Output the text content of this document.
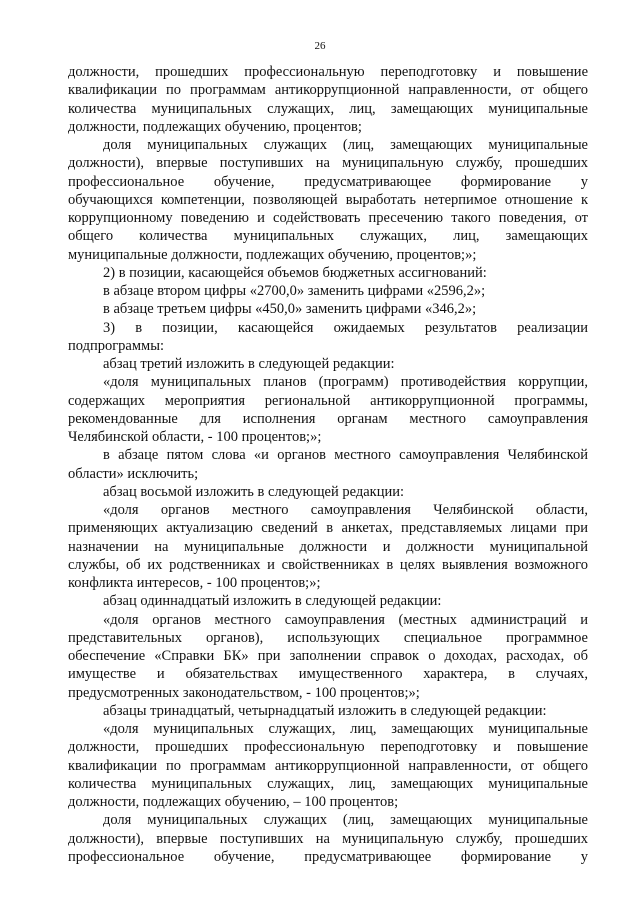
26
должности, прошедших профессиональную переподготовку и повышение
квалификации по программам антикоррупционной направленности, от общего
количества муниципальных служащих, лиц, замещающих муниципальные
должности, подлежащих обучению, процентов;
доля муниципальных служащих (лиц, замещающих муниципальные
должности), впервые поступивших на муниципальную службу, прошедших
профессиональное обучение, предусматривающее формирование у
обучающихся компетенции, позволяющей выработать нетерпимое отношение к
коррупционному поведению и содействовать пресечению такого поведения, от
общего количества муниципальных служащих, лиц, замещающих
муниципальные должности, подлежащих обучению, процентов;»;
2) в позиции, касающейся объемов бюджетных ассигнований:
в абзаце втором цифры «2700,0» заменить цифрами «2596,2»;
в абзаце третьем цифры «450,0» заменить цифрами «346,2»;
3) в позиции, касающейся ожидаемых результатов реализации
подпрограммы:
абзац третий изложить в следующей редакции:
«доля муниципальных планов (программ) противодействия коррупции,
содержащих мероприятия региональной антикоррупционной программы,
рекомендованные для исполнения органам местного самоуправления
Челябинской области, - 100 процентов;»;
в абзаце пятом слова «и органов местного самоуправления Челябинской
области» исключить;
абзац восьмой изложить в следующей редакции:
«доля органов местного самоуправления Челябинской области,
применяющих актуализацию сведений в анкетах, представляемых лицами при
назначении на муниципальные должности и должности муниципальной
службы, об их родственниках и свойственниках в целях выявления возможного
конфликта интересов, - 100 процентов;»;
абзац одиннадцатый изложить в следующей редакции:
«доля органов местного самоуправления (местных администраций и
представительных органов), использующих специальное программное
обеспечение «Справки БК» при заполнении справок о доходах, расходах, об
имуществе и обязательствах имущественного характера, в случаях,
предусмотренных законодательством, - 100 процентов;»;
абзацы тринадцатый, четырнадцатый изложить в следующей редакции:
«доля муниципальных служащих, лиц, замещающих муниципальные
должности, прошедших профессиональную переподготовку и повышение
квалификации по программам антикоррупционной направленности, от общего
количества муниципальных служащих, лиц, замещающих муниципальные
должности, подлежащих обучению, – 100 процентов;
доля муниципальных служащих (лиц, замещающих муниципальные
должности), впервые поступивших на муниципальную службу, прошедших
профессиональное обучение, предусматривающее формирование у
